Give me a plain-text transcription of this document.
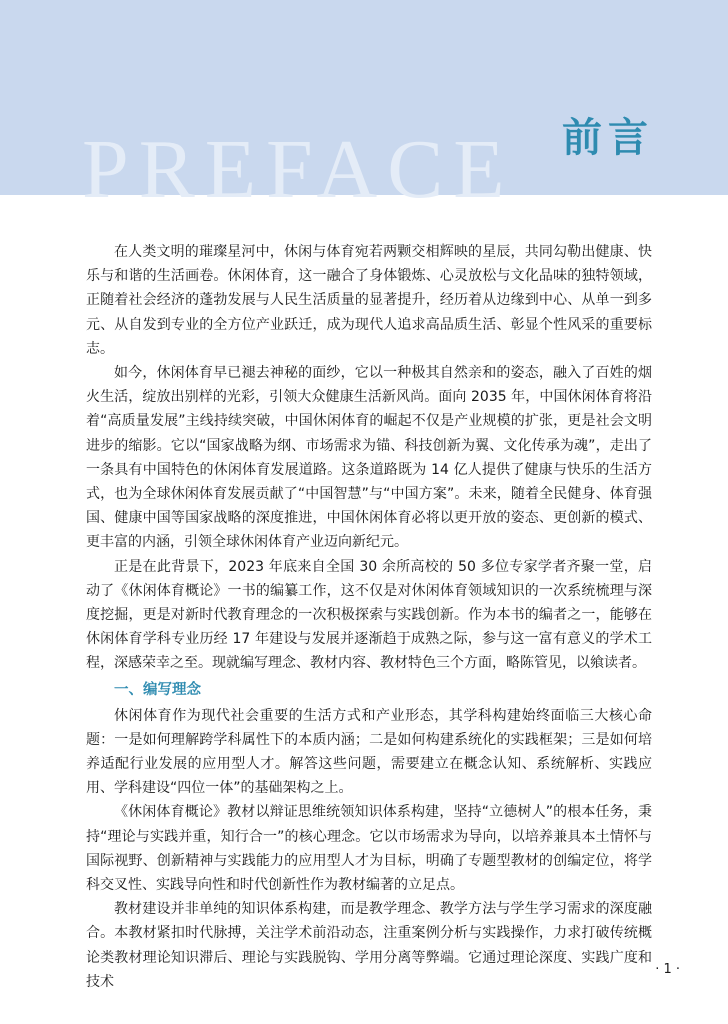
PREFACE 前言

在人类文明的璀璨星河中，休闲与体育宛若两颗交相辉映的星辰，共同勾勒出健康、快乐与和谐的生活画卷。休闲体育，这一融合了身体锻炼、心灵放松与文化品味的独特领域，正随着社会经济的蓬勃发展与人民生活质量的显著提升，经历着从边缘到中心、从单一到多元、从自发到专业的全方位产业跃迁，成为现代人追求高品质生活、彰显个性风采的重要标志。

如今，休闲体育早已褪去神秘的面纱，它以一种极其自然亲和的姿态，融入了百姓的烟火生活，绽放出别样的光彩，引领大众健康生活新风尚。面向 2035 年，中国休闲体育将沿着“高质量发展”主线持续突破，中国休闲体育的崛起不仅是产业规模的扩张，更是社会文明进步的缩影。它以“国家战略为纲、市场需求为锚、科技创新为翼、文化传承为魂”，走出了一条具有中国特色的休闲体育发展道路。这条道路既为 14 亿人提供了健康与快乐的生活方式，也为全球休闲体育发展贡献了“中国智慧”与“中国方案”。未来，随着全民健身、体育强国、健康中国等国家战略的深度推进，中国休闲体育必将以更开放的姿态、更创新的模式、更丰富的内涵，引领全球休闲体育产业迈向新纪元。

正是在此背景下，2023 年底来自全国 30 余所高校的 50 多位专家学者齐聚一堂，启动了《休闲体育概论》一书的编纂工作，这不仅是对休闲体育领域知识的一次系统梳理与深度挖掘，更是对新时代教育理念的一次积极探索与实践创新。作为本书的编者之一，能够在休闲体育学科专业历经 17 年建设与发展并逐渐趋于成熟之际，参与这一富有意义的学术工程，深感荣幸之至。现就编写理念、教材内容、教材特色三个方面，略陈管见，以飨读者。

一、编写理念

休闲体育作为现代社会重要的生活方式和产业形态，其学科构建始终面临三大核心命题：一是如何理解跨学科属性下的本质内涵；二是如何构建系统化的实践框架；三是如何培养适配行业发展的应用型人才。解答这些问题，需要建立在概念认知、系统解析、实践应用、学科建设“四位一体”的基础架构之上。

《休闲体育概论》教材以辩证思维统领知识体系构建，坚持“立德树人”的根本任务，秉持“理论与实践并重，知行合一”的核心理念。它以市场需求为导向，以培养兼具本土情怀与国际视野、创新精神与实践能力的应用型人才为目标，明确了专题型教材的创编定位，将学科交叉性、实践导向性和时代创新性作为教材编著的立足点。

教材建设并非单纯的知识体系构建，而是教学理念、教学方法与学生学习需求的深度融合。本教材紧扣时代脉搏，关注学术前沿动态，注重案例分析与实践操作，力求打破传统概论类教材理论知识滞后、理论与实践脱钩、学用分离等弊端。它通过理论深度、实践广度和技术

· 1 ·
